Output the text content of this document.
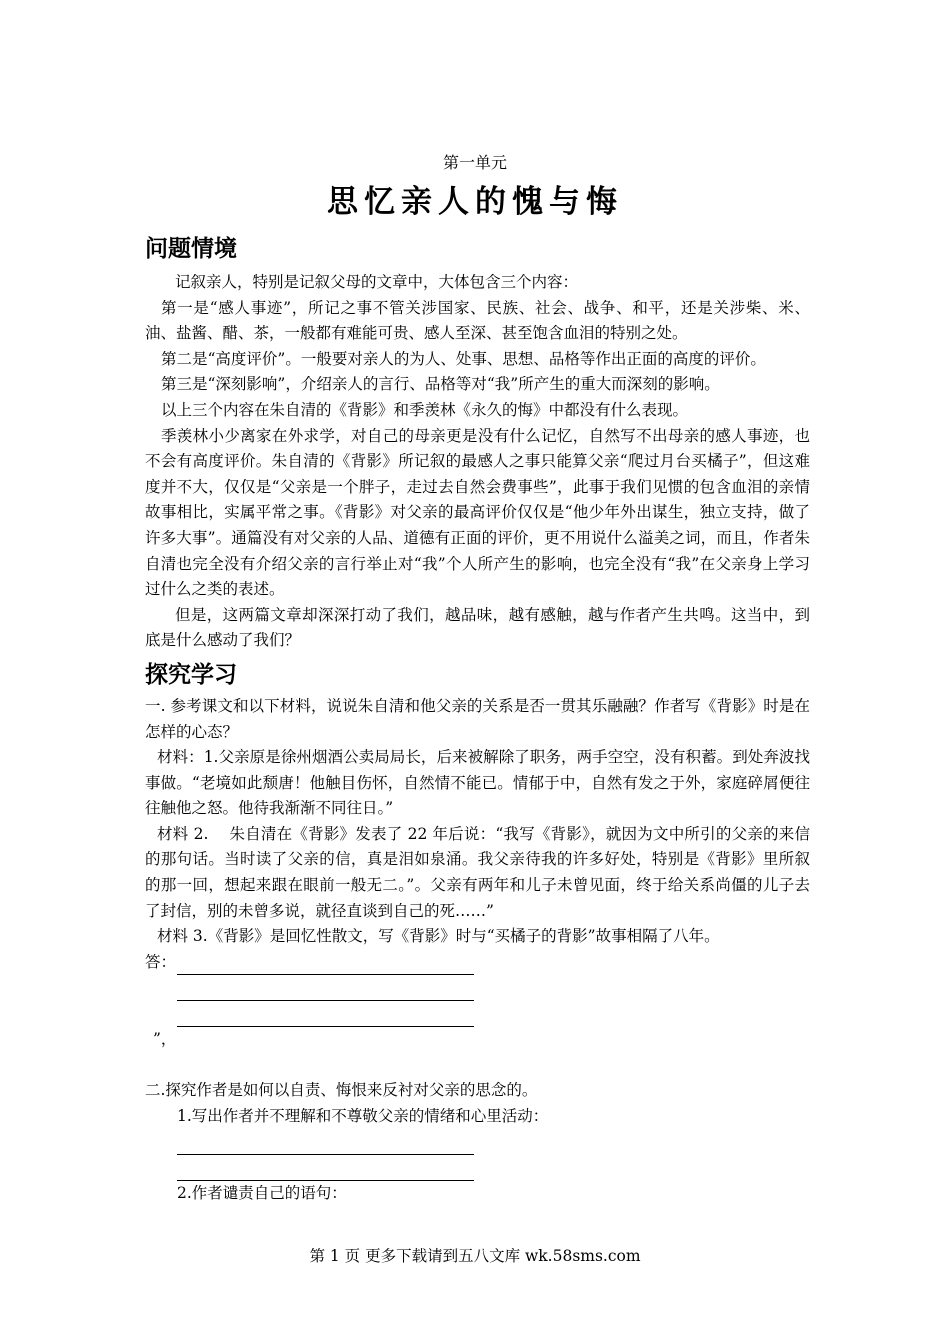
第一单元
思忆亲人的愧与悔
问题情境

记叙亲人，特别是记叙父母的文章中，大体包含三个内容：

第一是“感人事迹”，所记之事不管关涉国家、民族、社会、战争、和平，还是关涉柴、米、油、盐酱、醋、茶，一般都有难能可贵、感人至深、甚至饱含血泪的特别之处。

第二是“高度评价”。一般要对亲人的为人、处事、思想、品格等作出正面的高度的评价。

第三是“深刻影响”，介绍亲人的言行、品格等对“我”所产生的重大而深刻的影响。

以上三个内容在朱自清的《背影》和季羡林《永久的悔》中都没有什么表现。

季羡林小少离家在外求学，对自己的母亲更是没有什么记忆，自然写不出母亲的感人事迹，也不会有高度评价。朱自清的《背影》所记叙的最感人之事只能算父亲“爬过月台买橘子”，但这难度并不大，仅仅是“父亲是一个胖子，走过去自然会费事些”，此事于我们见惯的包含血泪的亲情故事相比，实属平常之事。《背影》对父亲的最高评价仅仅是“他少年外出谋生，独立支持，做了许多大事”。通篇没有对父亲的人品、道德有正面的评价，更不用说什么溢美之词，而且，作者朱自清也完全没有介绍父亲的言行举止对“我”个人所产生的影响，也完全没有“我”在父亲身上学习过什么之类的表述。

但是，这两篇文章却深深打动了我们，越品味，越有感触，越与作者产生共鸣。这当中，到底是什么感动了我们？

探究学习

一. 参考课文和以下材料，说说朱自清和他父亲的关系是否一贯其乐融融？作者写《背影》时是在怎样的心态？

材料：1.父亲原是徐州烟酒公卖局局长，后来被解除了职务，两手空空，没有积蓄。到处奔波找事做。“老境如此颓唐！他触目伤怀，自然情不能已。情郁于中，自然有发之于外，家庭碎屑便往往触他之怒。他待我渐渐不同往日。”

材料 2.　 朱自清在《背影》发表了 22 年后说：“我写《背影》，就因为文中所引的父亲的来信的那句话。当时读了父亲的信，真是泪如泉涌。我父亲待我的许多好处，特别是《背影》里所叙的那一回，想起来跟在眼前一般无二。”。父亲有两年和儿子未曾见面，终于给关系尚僵的儿子去了封信，别的未曾多说，就径直谈到自己的死……”

材料 3.《背影》是回忆性散文，写《背影》时与“买橘子的背影”故事相隔了八年。

答：

”，

二.探究作者是如何以自责、悔恨来反衬对父亲的思念的。

1.写出作者并不理解和不尊敬父亲的情绪和心里活动：

2.作者谴责自己的语句：

第 1 页 更多下载请到五八文库 wk.58sms.com
